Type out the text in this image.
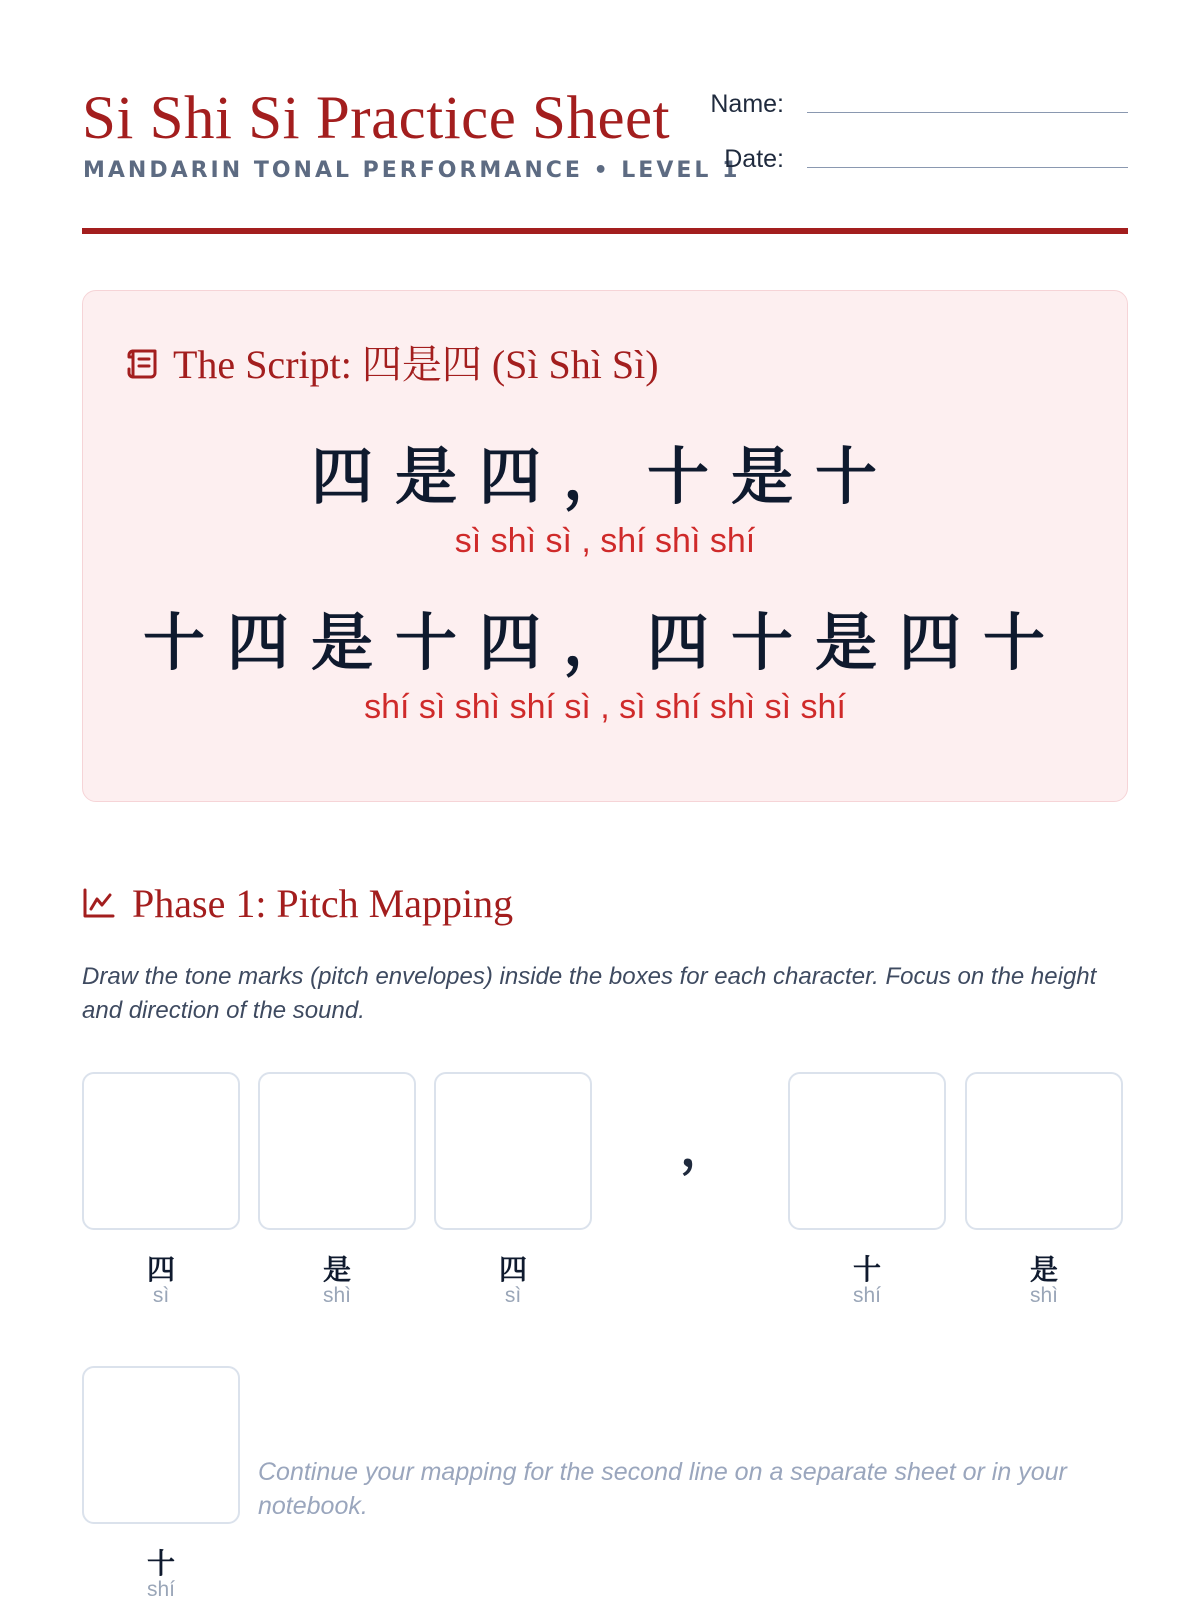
Si Shi Si Practice Sheet
MANDARIN TONAL PERFORMANCE • LEVEL 1
Name:
Date:
The Script: 四是四 (Sì Shì Sì)
四是四，十是十
sì shì sì , shí shì shí
十四是十四，四十是四十
shí sì shì shí sì , sì shí shì sì shí
Phase 1: Pitch Mapping
Draw the tone marks (pitch envelopes) inside the boxes for each character. Focus on the height and direction of the sound.
四
sì
是
shì
四
sì
，
十
shí
是
shì
十
shí
Continue your mapping for the second line on a separate sheet or in your notebook.
